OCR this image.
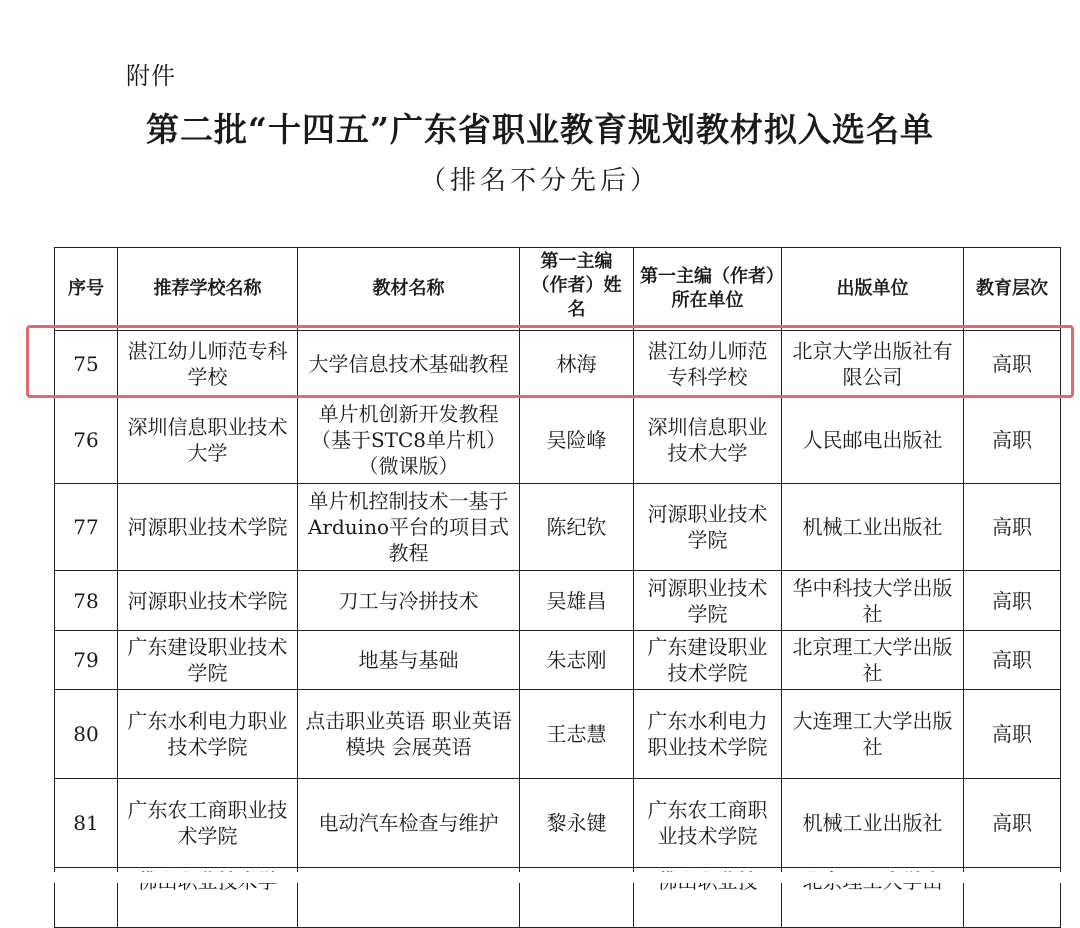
附件
第二批“十四五”广东省职业教育规划教材拟入选名单
（排名不分先后）
序号	推荐学校名称	教材名称	第一主编（作者）姓名	第一主编（作者）所在单位	出版单位	教育层次
75	湛江幼儿师范专科学校	大学信息技术基础教程	林海	湛江幼儿师范专科学校	北京大学出版社有限公司	高职
76	深圳信息职业技术大学	单片机创新开发教程（基于STC8单片机）（微课版）	吴险峰	深圳信息职业技术大学	人民邮电出版社	高职
77	河源职业技术学院	单片机控制技术一基于Arduino平台的项目式教程	陈纪钦	河源职业技术学院	机械工业出版社	高职
78	河源职业技术学院	刀工与冷拼技术	吴雄昌	河源职业技术学院	华中科技大学出版社	高职
79	广东建设职业技术学院	地基与基础	朱志刚	广东建设职业技术学院	北京理工大学出版社	高职
80	广东水利电力职业技术学院	点击职业英语 职业英语模块 会展英语	王志慧	广东水利电力职业技术学院	大连理工大学出版社	高职
81	广东农工商职业技术学院	电动汽车检查与维护	黎永键	广东农工商职业技术学院	机械工业出版社	高职
